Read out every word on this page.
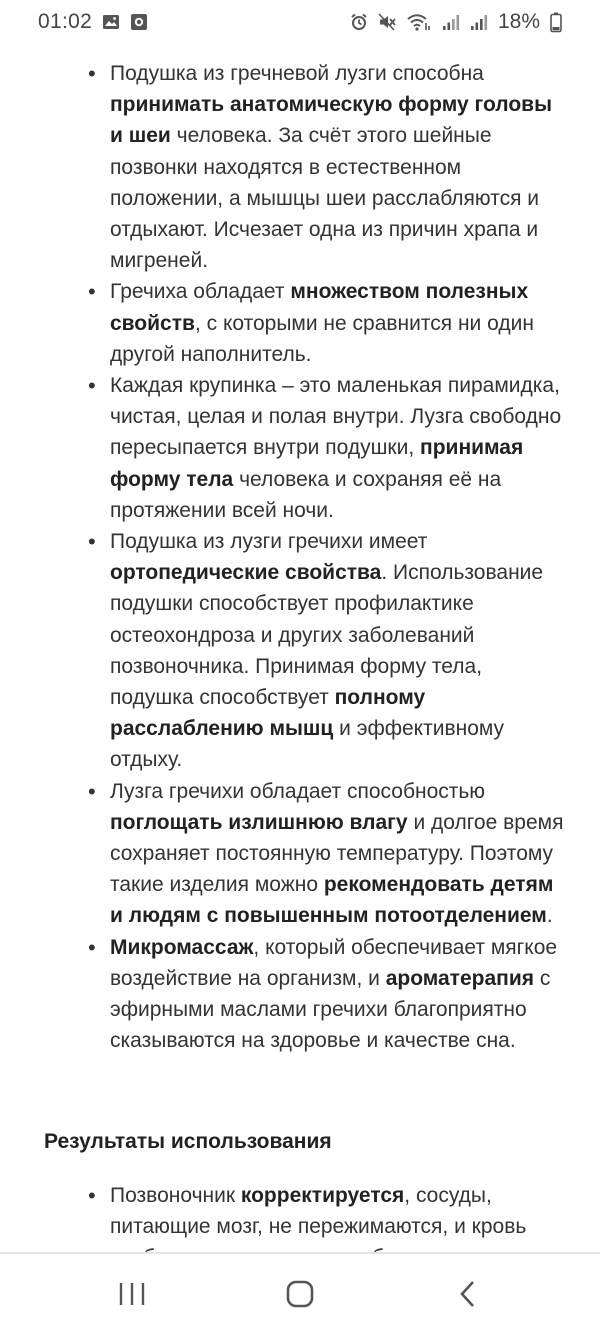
01:02	18%

• Подушка из гречневой лузги способна принимать анатомическую форму головы и шеи человека. За счёт этого шейные позвонки находятся в естественном положении, а мышцы шеи расслабляются и отдыхают. Исчезает одна из причин храпа и мигреней.

• Гречиха обладает множеством полезных свойств, с которыми не сравнится ни один другой наполнитель.

• Каждая крупинка – это маленькая пирамидка, чистая, целая и полая внутри. Лузга свободно пересыпается внутри подушки, принимая форму тела человека и сохраняя её на протяжении всей ночи.

• Подушка из лузги гречихи имеет ортопедические свойства. Использование подушки способствует профилактике остеохондроза и других заболеваний позвоночника. Принимая форму тела, подушка способствует полному расслаблению мышц и эффективному отдыху.

• Лузга гречихи обладает способностью поглощать излишнюю влагу и долгое время сохраняет постоянную температуру. Поэтому такие изделия можно рекомендовать детям и людям с повышенным потоотделением.

• Микромассаж, который обеспечивает мягкое воздействие на организм, и ароматерапия с эфирными маслами гречихи благоприятно сказываются на здоровье и качестве сна.

Результаты использования

• Позвоночник корректируется, сосуды, питающие мозг, не пережимаются, и кровь
